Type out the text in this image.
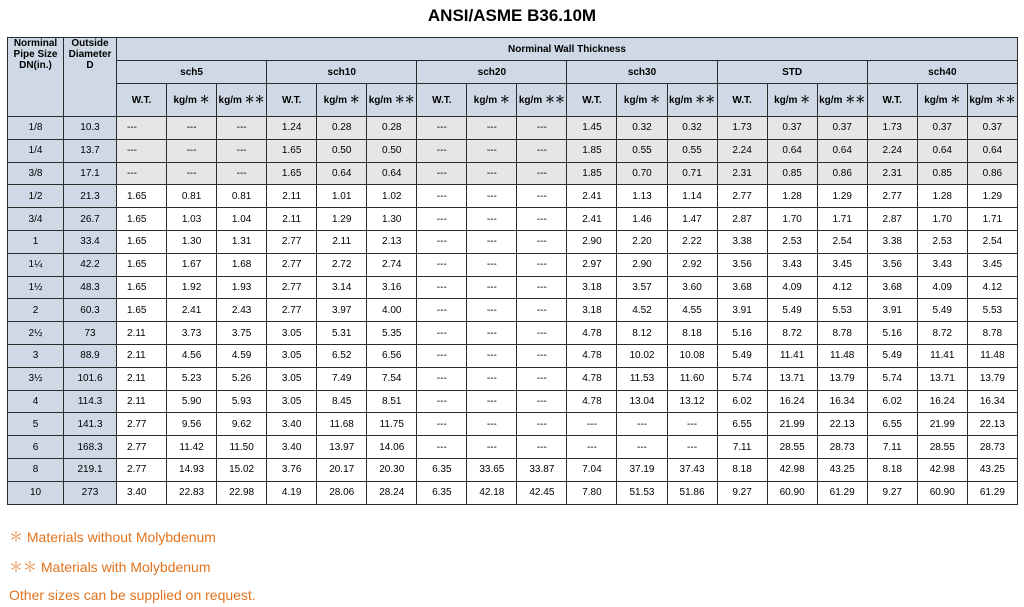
ANSI/ASME B36.10M
Norminal Pipe Size DN(in.)	Outside Diameter D	Norminal Wall Thickness																	
		sch5			sch10			sch20			sch30			STD			sch40		
		W.T.	kg/m ＊	kg/m ＊＊	W.T.	kg/m ＊	kg/m ＊＊	W.T.	kg/m ＊	kg/m ＊＊	W.T.	kg/m ＊	kg/m ＊＊	W.T.	kg/m ＊	kg/m ＊＊	W.T.	kg/m ＊	kg/m ＊＊
1/8	10.3	---	---	---	1.24	0.28	0.28	---	---	---	1.45	0.32	0.32	1.73	0.37	0.37	1.73	0.37	0.37
1/4	13.7	---	---	---	1.65	0.50	0.50	---	---	---	1.85	0.55	0.55	2.24	0.64	0.64	2.24	0.64	0.64
3/8	17.1	---	---	---	1.65	0.64	0.64	---	---	---	1.85	0.70	0.71	2.31	0.85	0.86	2.31	0.85	0.86
1/2	21.3	1.65	0.81	0.81	2.11	1.01	1.02	---	---	---	2.41	1.13	1.14	2.77	1.28	1.29	2.77	1.28	1.29
3/4	26.7	1.65	1.03	1.04	2.11	1.29	1.30	---	---	---	2.41	1.46	1.47	2.87	1.70	1.71	2.87	1.70	1.71
1	33.4	1.65	1.30	1.31	2.77	2.11	2.13	---	---	---	2.90	2.20	2.22	3.38	2.53	2.54	3.38	2.53	2.54
1¼	42.2	1.65	1.67	1.68	2.77	2.72	2.74	---	---	---	2.97	2.90	2.92	3.56	3.43	3.45	3.56	3.43	3.45
1½	48.3	1.65	1.92	1.93	2.77	3.14	3.16	---	---	---	3.18	3.57	3.60	3.68	4.09	4.12	3.68	4.09	4.12
2	60.3	1.65	2.41	2.43	2.77	3.97	4.00	---	---	---	3.18	4.52	4.55	3.91	5.49	5.53	3.91	5.49	5.53
2½	73	2.11	3.73	3.75	3.05	5.31	5.35	---	---	---	4.78	8.12	8.18	5.16	8.72	8.78	5.16	8.72	8.78
3	88.9	2.11	4.56	4.59	3.05	6.52	6.56	---	---	---	4.78	10.02	10.08	5.49	11.41	11.48	5.49	11.41	11.48
3½	101.6	2.11	5.23	5.26	3.05	7.49	7.54	---	---	---	4.78	11.53	11.60	5.74	13.71	13.79	5.74	13.71	13.79
4	114.3	2.11	5.90	5.93	3.05	8.45	8.51	---	---	---	4.78	13.04	13.12	6.02	16.24	16.34	6.02	16.24	16.34
5	141.3	2.77	9.56	9.62	3.40	11.68	11.75	---	---	---	---	---	---	6.55	21.99	22.13	6.55	21.99	22.13
6	168.3	2.77	11.42	11.50	3.40	13.97	14.06	---	---	---	---	---	---	7.11	28.55	28.73	7.11	28.55	28.73
8	219.1	2.77	14.93	15.02	3.76	20.17	20.30	6.35	33.65	33.87	7.04	37.19	37.43	8.18	42.98	43.25	8.18	42.98	43.25
10	273	3.40	22.83	22.98	4.19	28.06	28.24	6.35	42.18	42.45	7.80	51.53	51.86	9.27	60.90	61.29	9.27	60.90	61.29
＊ Materials without Molybdenum
＊＊ Materials with Molybdenum
Other sizes can be supplied on request.
